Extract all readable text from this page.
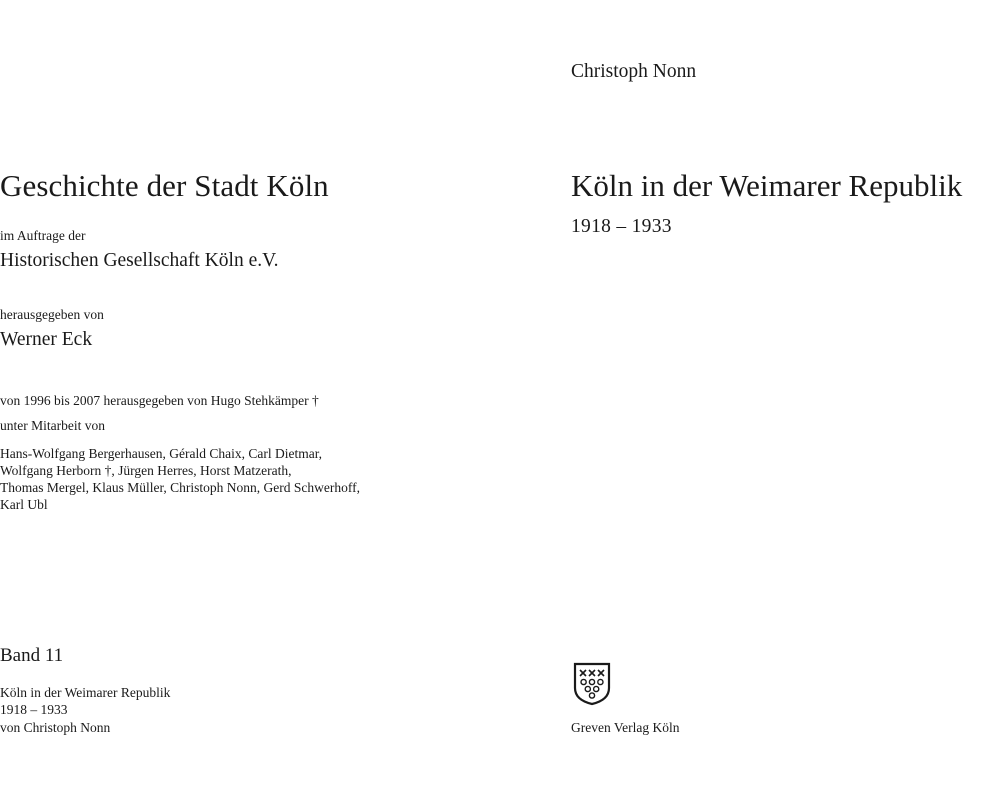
Geschichte der Stadt Köln
im Auftrage der
Historischen Gesellschaft Köln e.V.
herausgegeben von
Werner Eck
von 1996 bis 2007 herausgegeben von Hugo Stehkämper †
unter Mitarbeit von
Hans-Wolfgang Bergerhausen, Gérald Chaix, Carl Dietmar,
Wolfgang Herborn †, Jürgen Herres, Horst Matzerath,
Thomas Mergel, Klaus Müller, Christoph Nonn, Gerd Schwerhoff,
Karl Ubl
Band 11
Köln in der Weimarer Republik
1918 – 1933
von Christoph Nonn
Christoph Nonn
Köln in der Weimarer Republik
1918 – 1933
Greven Verlag Köln
